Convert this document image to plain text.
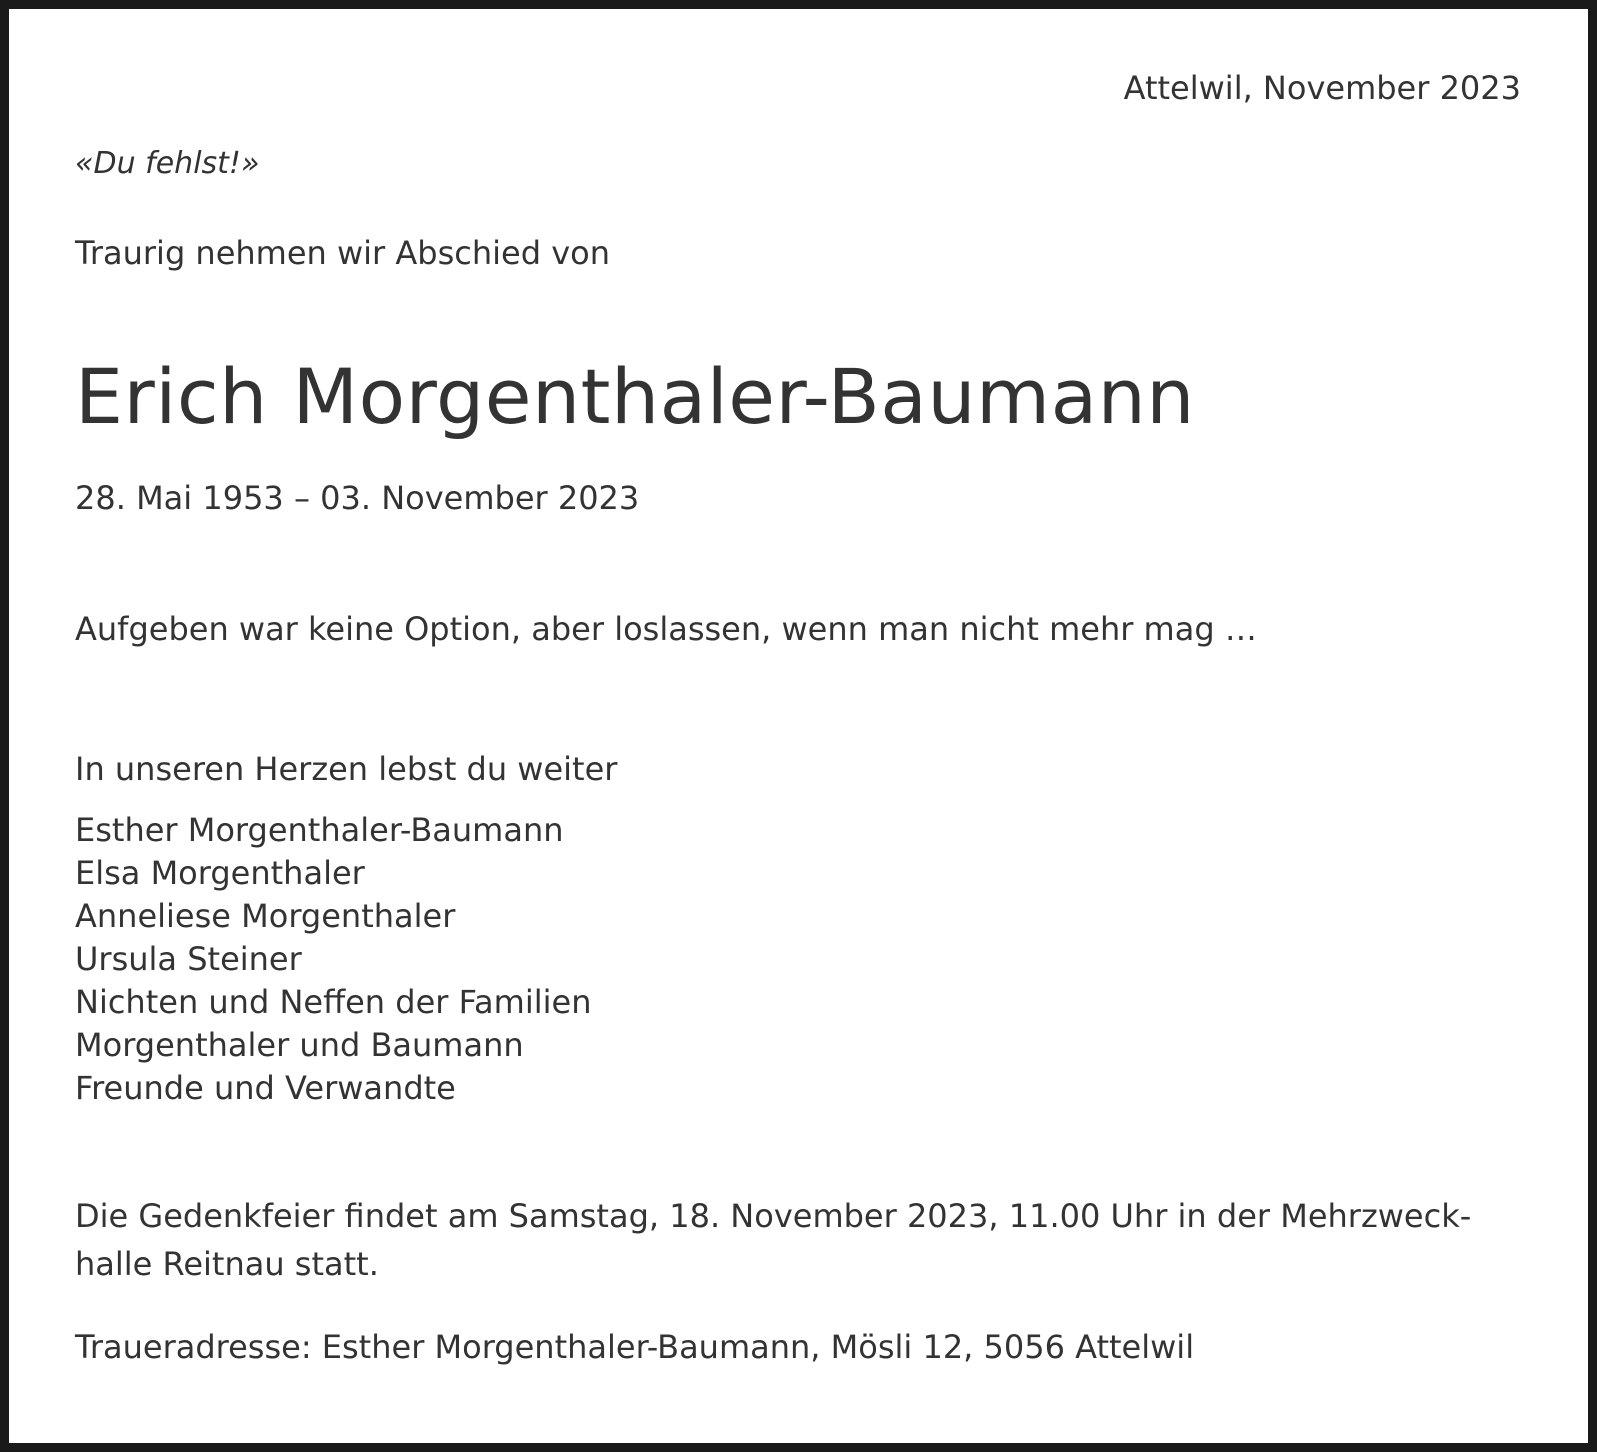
Attelwil, November 2023

«Du fehlst!»

Traurig nehmen wir Abschied von

Erich Morgenthaler-Baumann

28. Mai 1953 – 03. November 2023

Aufgeben war keine Option, aber loslassen, wenn man nicht mehr mag …

In unseren Herzen lebst du weiter

Esther Morgenthaler-Baumann
Elsa Morgenthaler
Anneliese Morgenthaler
Ursula Steiner
Nichten und Neffen der Familien
Morgenthaler und Baumann
Freunde und Verwandte

Die Gedenkfeier findet am Samstag, 18. November 2023, 11.00 Uhr in der Mehrzweck-
halle Reitnau statt.

Traueradresse: Esther Morgenthaler-Baumann, Mösli 12, 5056 Attelwil
